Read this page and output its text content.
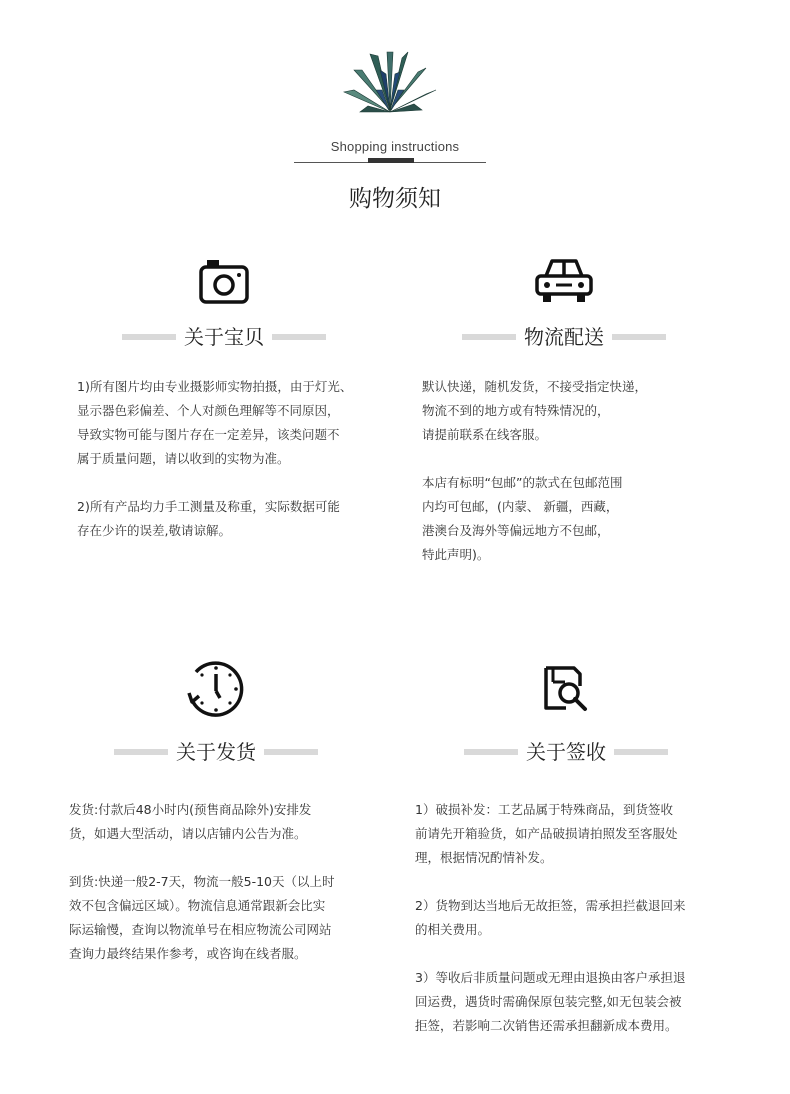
Shopping instructions
购物须知
关于宝贝
1)所有图片均由专业摄影师实物拍摄，由于灯光、
显示器色彩偏差、个人对颜色理解等不同原因，
导致实物可能与图片存在一定差异，该类问题不
属于质量问题，请以收到的实物为准。
2)所有产品均力手工测量及称重，实际数据可能
存在少许的误差,敬请谅解。
物流配送
默认快递，随机发货，不接受指定快递，
物流不到的地方或有特殊情况的，
请提前联系在线客服。
本店有标明“包邮”的款式在包邮范围
内均可包邮，(内蒙、 新疆，西藏，
港澳台及海外等偏远地方不包邮，
特此声明)。
关于发货
发货:付款后48小时内(预售商品除外)安排发
货，如遇大型活动，请以店铺内公告为准。
到货:快递一般2-7天，物流一般5-10天（以上时
效不包含偏远区域）。物流信息通常跟新会比实
际运输慢，查询以物流单号在相应物流公司网站
查询力最终结果作参考，或咨询在线者服。
关于签收
1）破损补发：工艺品属于特殊商品，到货签收
前请先开箱验货，如产品破损请拍照发至客服处
理，根据情况酌情补发。
2）货物到达当地后无故拒签，需承担拦截退回来
的相关费用。
3）等收后非质量问题或无理由退换由客户承担退
回运费，遇货时需确保原包装完整,如无包装会被
拒签，若影响二次销售还需承担翻新成本费用。
